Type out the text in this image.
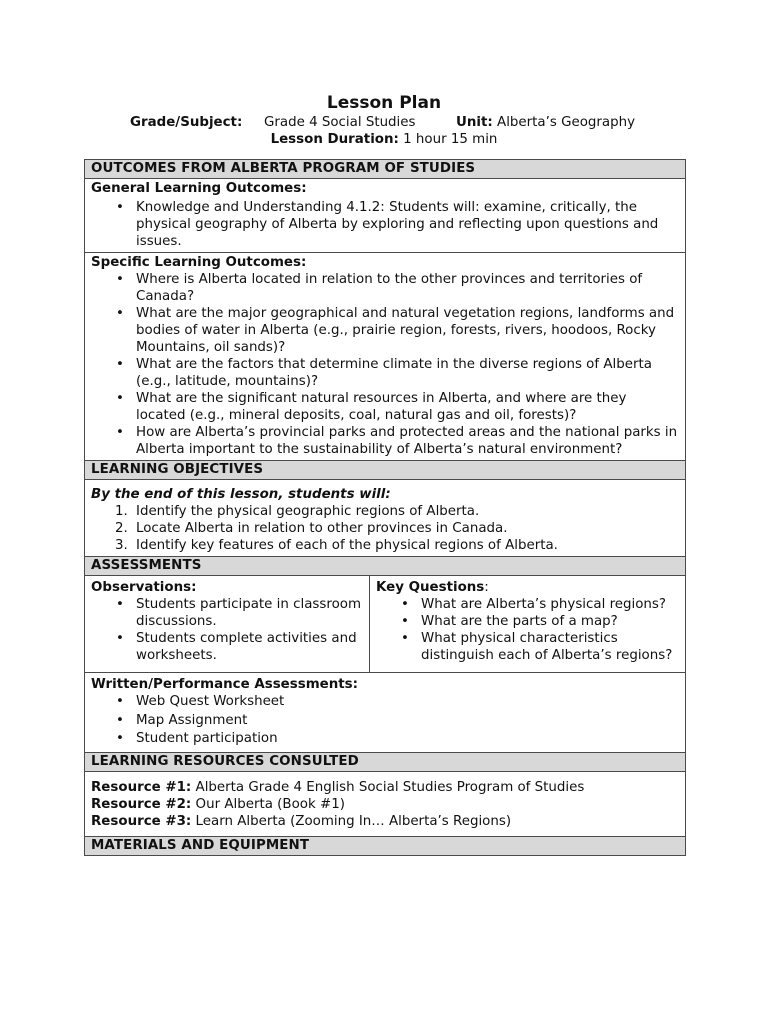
Lesson Plan
Grade/Subject: Grade 4 Social Studies	Unit: Alberta’s Geography
Lesson Duration: 1 hour 15 min
OUTCOMES FROM ALBERTA PROGRAM OF STUDIES
General Learning Outcomes:
• Knowledge and Understanding 4.1.2: Students will: examine, critically, the physical geography of Alberta by exploring and reflecting upon questions and issues.
Specific Learning Outcomes:
• Where is Alberta located in relation to the other provinces and territories of Canada?
• What are the major geographical and natural vegetation regions, landforms and bodies of water in Alberta (e.g., prairie region, forests, rivers, hoodoos, Rocky Mountains, oil sands)?
• What are the factors that determine climate in the diverse regions of Alberta (e.g., latitude, mountains)?
• What are the significant natural resources in Alberta, and where are they located (e.g., mineral deposits, coal, natural gas and oil, forests)?
• How are Alberta’s provincial parks and protected areas and the national parks in Alberta important to the sustainability of Alberta’s natural environment?
LEARNING OBJECTIVES
By the end of this lesson, students will:
1. Identify the physical geographic regions of Alberta.
2. Locate Alberta in relation to other provinces in Canada.
3. Identify key features of each of the physical regions of Alberta.
ASSESSMENTS
Observations:
• Students participate in classroom discussions.
• Students complete activities and worksheets.
Key Questions:
• What are Alberta’s physical regions?
• What are the parts of a map?
• What physical characteristics distinguish each of Alberta’s regions?
Written/Performance Assessments:
• Web Quest Worksheet
• Map Assignment
• Student participation
LEARNING RESOURCES CONSULTED
Resource #1: Alberta Grade 4 English Social Studies Program of Studies
Resource #2: Our Alberta (Book #1)
Resource #3: Learn Alberta (Zooming In… Alberta’s Regions)
MATERIALS AND EQUIPMENT
